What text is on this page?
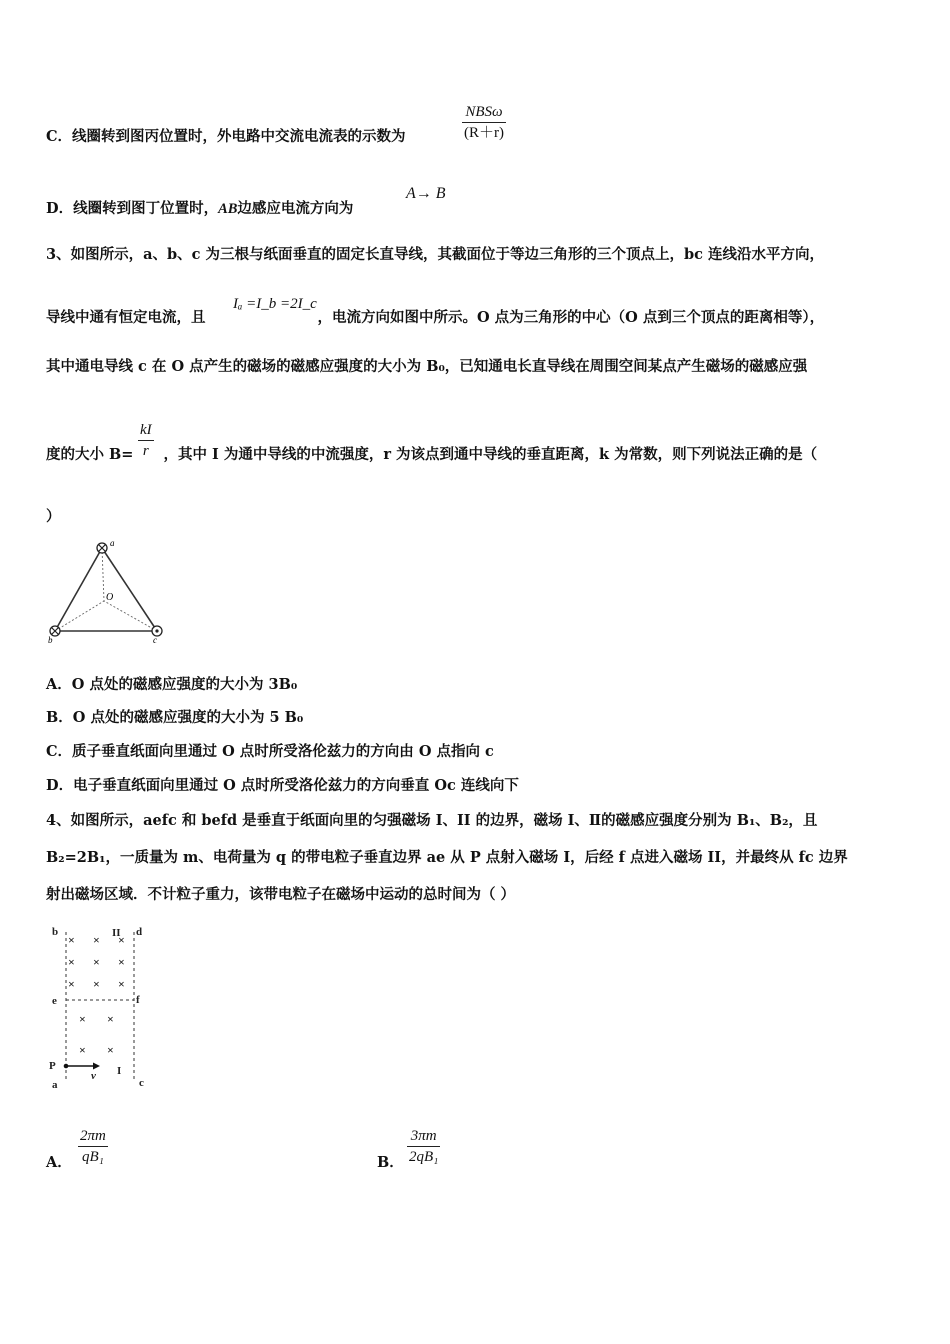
C．线圈转到图丙位置时，外电路中交流电流表的示数为
NBSω
(R＋r)
D．线圈转到图丁位置时，AB边感应电流方向为
A→ B
3、如图所示，a、b、c 为三根与纸面垂直的固定长直导线，其截面位于等边三角形的三个顶点上，bc 连线沿水平方向，
导线中通有恒定电流，且	，电流方向如图中所示。O 点为三角形的中心（O 点到三个顶点的距离相等），
Iₐ =I_b =2I_c
其中通电导线 c 在 O 点产生的磁场的磁感应强度的大小为 B₀，已知通电长直导线在周围空间某点产生磁场的磁感应强
度的大小 B= ，其中 I 为通中导线的中流强度，r 为该点到通中导线的垂直距离，k 为常数，则下列说法正确的是（
$\frac{kI}{r}$
）
a
b	c
O
A．O 点处的磁感应强度的大小为 3B₀
B．O 点处的磁感应强度的大小为 5 B₀
C．质子垂直纸面向里通过 O 点时所受洛伦兹力的方向由 O 点指向 c
D．电子垂直纸面向里通过 O 点时所受洛伦兹力的方向垂直 Oc 连线向下
4、如图所示，aefc 和 befd 是垂直于纸面向里的匀强磁场 I、II 的边界，磁场 I、Ⅱ的磁感应强度分别为 B₁、B₂，且
B₂=2B₁，一质量为 m、电荷量为 q 的带电粒子垂直边界 ae 从 P 点射入磁场 I，后经 f 点进入磁场 II，并最终从 fc 边界
射出磁场区域．不计粒子重力，该带电粒子在磁场中运动的总时间为（ ）
× × ×
× × ×
× × ×
× ×
× ×
b	d
II
e	f
P
a
I
c
v
A． $\frac{2\pi m}{\text{qB₁}}$	B． $\frac{3\pi m}{\text{2qB₁}}$
